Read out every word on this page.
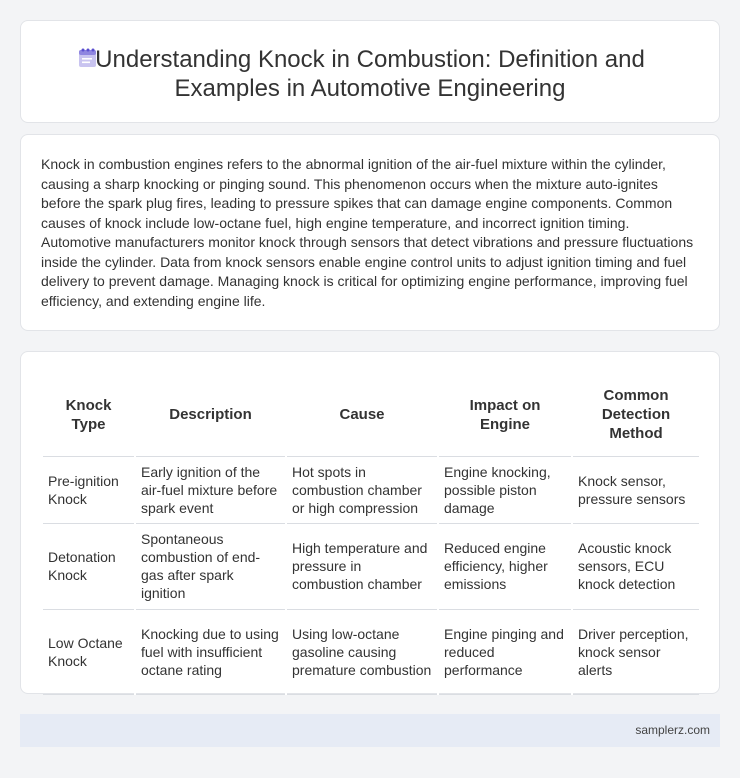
Understanding Knock in Combustion: Definition and
Examples in Automotive Engineering

Knock in combustion engines refers to the abnormal ignition of the air-fuel mixture within the cylinder, causing a sharp knocking or pinging sound. This phenomenon occurs when the mixture auto-ignites before the spark plug fires, leading to pressure spikes that can damage engine components. Common causes of knock include low-octane fuel, high engine temperature, and incorrect ignition timing. Automotive manufacturers monitor knock through sensors that detect vibrations and pressure fluctuations inside the cylinder. Data from knock sensors enable engine control units to adjust ignition timing and fuel delivery to prevent damage. Managing knock is critical for optimizing engine performance, improving fuel efficiency, and extending engine life.

Knock Type	Description	Cause	Impact on Engine	Common Detection Method
Pre-ignition Knock	Early ignition of the air-fuel mixture before spark event	Hot spots in combustion chamber or high compression	Engine knocking, possible piston damage	Knock sensor, pressure sensors
Detonation Knock	Spontaneous combustion of end-gas after spark ignition	High temperature and pressure in combustion chamber	Reduced engine efficiency, higher emissions	Acoustic knock sensors, ECU knock detection
Low Octane Knock	Knocking due to using fuel with insufficient octane rating	Using low-octane gasoline causing premature combustion	Engine pinging and reduced performance	Driver perception, knock sensor alerts
samplerz.com
